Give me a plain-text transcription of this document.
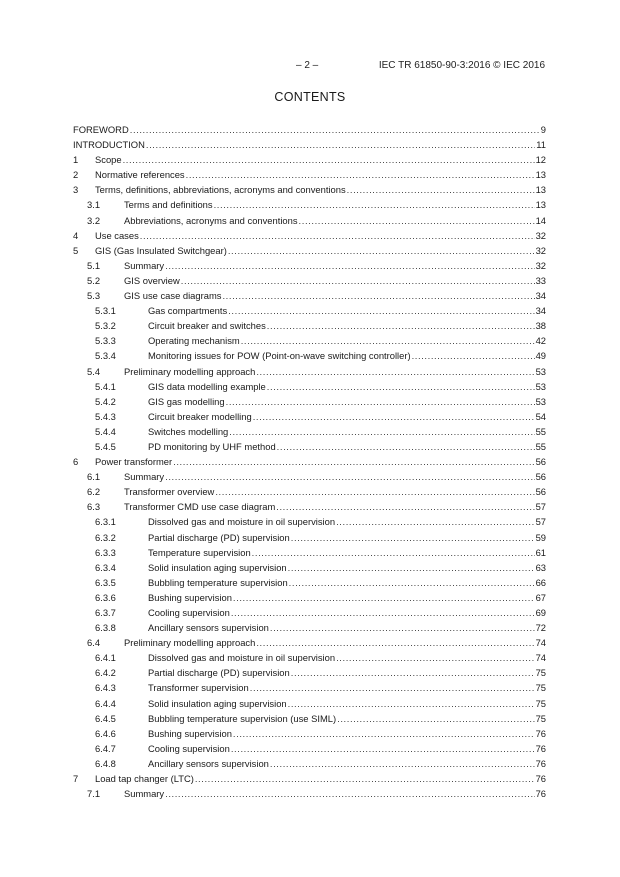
– 2 –	IEC TR 61850-90-3:2016 © IEC 2016
CONTENTS
FOREWORD .....	9
INTRODUCTION .....	11
1	Scope .....	12
2	Normative references .....	13
3	Terms, definitions, abbreviations, acronyms and conventions .....	13
3.1	Terms and definitions .....	13
3.2	Abbreviations, acronyms and conventions .....	14
4	Use cases .....	32
5	GIS (Gas Insulated Switchgear) .....	32
5.1	Summary .....	32
5.2	GIS overview .....	33
5.3	GIS use case diagrams .....	34
5.3.1	Gas compartments .....	34
5.3.2	Circuit breaker and switches .....	38
5.3.3	Operating mechanism .....	42
5.3.4	Monitoring issues for POW (Point-on-wave switching controller) .....	49
5.4	Preliminary modelling approach .....	53
5.4.1	GIS data modelling example .....	53
5.4.2	GIS gas modelling .....	53
5.4.3	Circuit breaker modelling .....	54
5.4.4	Switches modelling .....	55
5.4.5	PD monitoring by UHF method .....	55
6	Power transformer .....	56
6.1	Summary .....	56
6.2	Transformer overview .....	56
6.3	Transformer CMD use case diagram .....	57
6.3.1	Dissolved gas and moisture in oil supervision .....	57
6.3.2	Partial discharge (PD) supervision .....	59
6.3.3	Temperature supervision .....	61
6.3.4	Solid insulation aging supervision .....	63
6.3.5	Bubbling temperature supervision .....	66
6.3.6	Bushing supervision .....	67
6.3.7	Cooling supervision .....	69
6.3.8	Ancillary sensors supervision .....	72
6.4	Preliminary modelling approach .....	74
6.4.1	Dissolved gas and moisture in oil supervision .....	74
6.4.2	Partial discharge (PD) supervision .....	75
6.4.3	Transformer supervision .....	75
6.4.4	Solid insulation aging supervision .....	75
6.4.5	Bubbling temperature supervision (use SIML) .....	75
6.4.6	Bushing supervision .....	76
6.4.7	Cooling supervision .....	76
6.4.8	Ancillary sensors supervision .....	76
7	Load tap changer (LTC) .....	76
7.1	Summary .....	76
